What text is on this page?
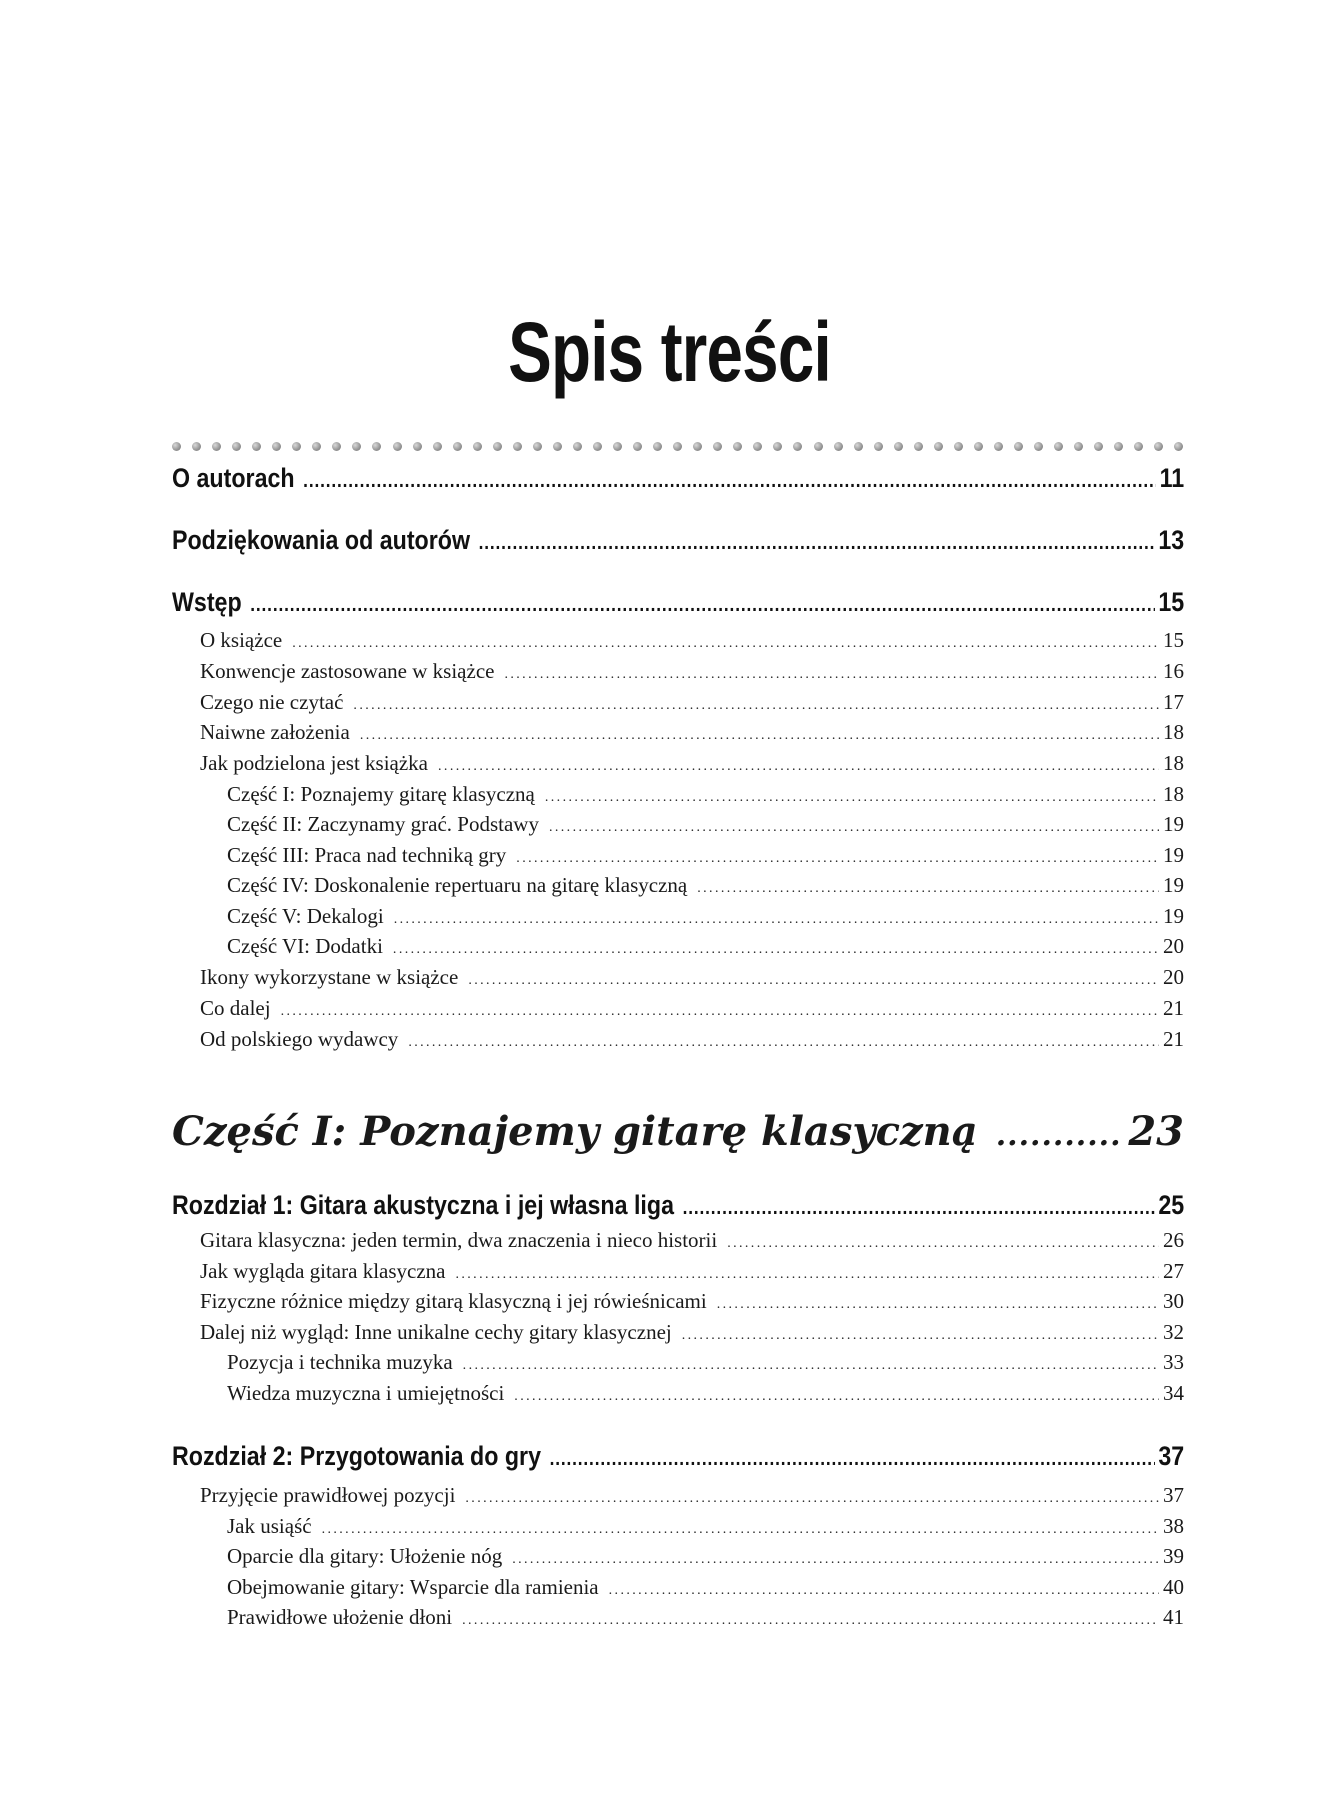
Spis treści
O autorach .....	11
Podziękowania od autorów .....	13
Wstęp .....	15
O książce .....	15
Konwencje zastosowane w książce .....	16
Czego nie czytać .....	17
Naiwne założenia .....	18
Jak podzielona jest książka .....	18
Część I: Poznajemy gitarę klasyczną .....	18
Część II: Zaczynamy grać. Podstawy .....	19
Część III: Praca nad techniką gry .....	19
Część IV: Doskonalenie repertuaru na gitarę klasyczną .....	19
Część V: Dekalogi .....	19
Część VI: Dodatki .....	20
Ikony wykorzystane w książce .....	20
Co dalej .....	21
Od polskiego wydawcy .....	21
Część I: Poznajemy gitarę klasyczną .....	23
Rozdział 1: Gitara akustyczna i jej własna liga .....	25
Gitara klasyczna: jeden termin, dwa znaczenia i nieco historii .....	26
Jak wygląda gitara klasyczna .....	27
Fizyczne różnice między gitarą klasyczną i jej rówieśnicami .....	30
Dalej niż wygląd: Inne unikalne cechy gitary klasycznej .....	32
Pozycja i technika muzyka .....	33
Wiedza muzyczna i umiejętności .....	34
Rozdział 2: Przygotowania do gry .....	37
Przyjęcie prawidłowej pozycji .....	37
Jak usiąść .....	38
Oparcie dla gitary: Ułożenie nóg .....	39
Obejmowanie gitary: Wsparcie dla ramienia .....	40
Prawidłowe ułożenie dłoni .....	41
